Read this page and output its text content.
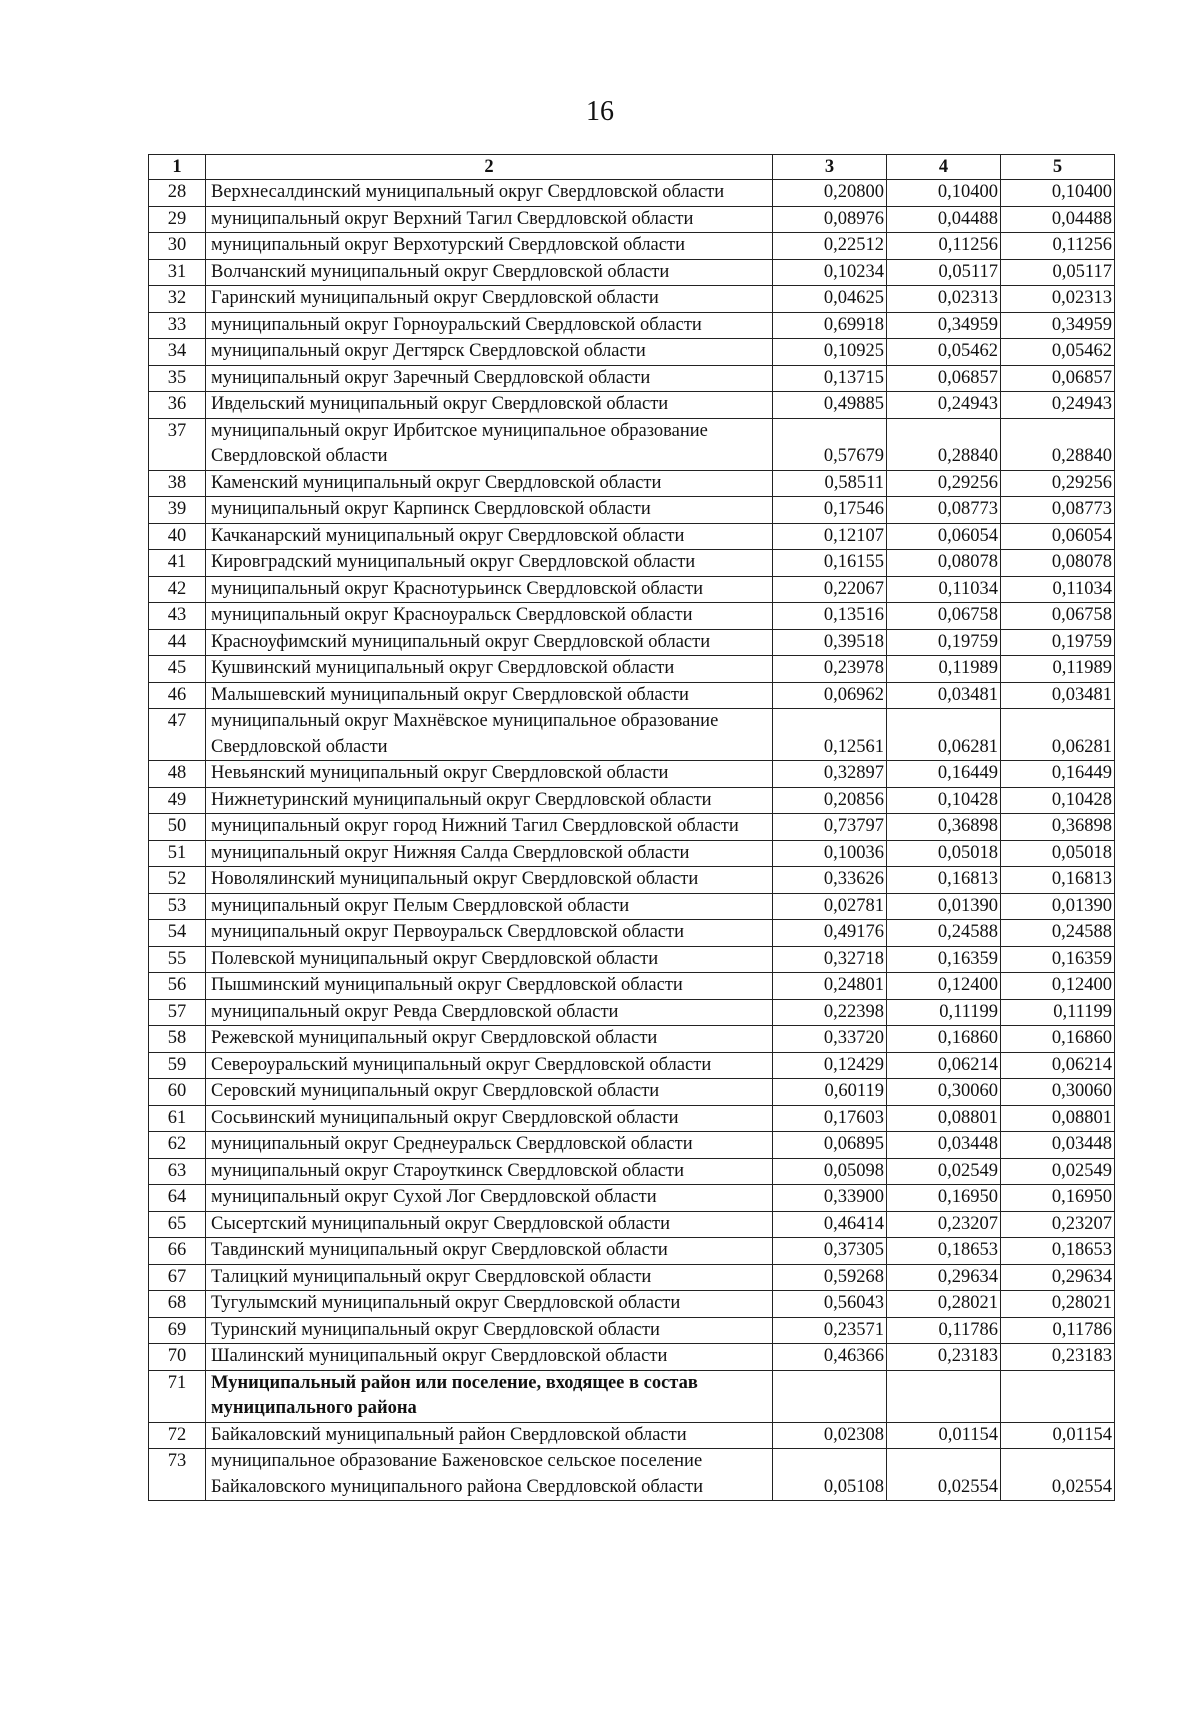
16
1	2	3	4	5
28	Верхнесалдинский муниципальный округ Свердловской области	0,20800	0,10400	0,10400
29	муниципальный округ Верхний Тагил Свердловской области	0,08976	0,04488	0,04488
30	муниципальный округ Верхотурский Свердловской области	0,22512	0,11256	0,11256
31	Волчанский муниципальный округ Свердловской области	0,10234	0,05117	0,05117
32	Гаринский муниципальный округ Свердловской области	0,04625	0,02313	0,02313
33	муниципальный округ Горноуральский Свердловской области	0,69918	0,34959	0,34959
34	муниципальный округ Дегтярск Свердловской области	0,10925	0,05462	0,05462
35	муниципальный округ Заречный Свердловской области	0,13715	0,06857	0,06857
36	Ивдельский муниципальный округ Свердловской области	0,49885	0,24943	0,24943
37	муниципальный округ Ирбитское муниципальное образование Свердловской области	0,57679	0,28840	0,28840
38	Каменский муниципальный округ Свердловской области	0,58511	0,29256	0,29256
39	муниципальный округ Карпинск Свердловской области	0,17546	0,08773	0,08773
40	Качканарский муниципальный округ Свердловской области	0,12107	0,06054	0,06054
41	Кировградский муниципальный округ Свердловской области	0,16155	0,08078	0,08078
42	муниципальный округ Краснотурьинск Свердловской области	0,22067	0,11034	0,11034
43	муниципальный округ Красноуральск Свердловской области	0,13516	0,06758	0,06758
44	Красноуфимский муниципальный округ Свердловской области	0,39518	0,19759	0,19759
45	Кушвинский муниципальный округ Свердловской области	0,23978	0,11989	0,11989
46	Малышевский муниципальный округ Свердловской области	0,06962	0,03481	0,03481
47	муниципальный округ Махнёвское муниципальное образование Свердловской области	0,12561	0,06281	0,06281
48	Невьянский муниципальный округ Свердловской области	0,32897	0,16449	0,16449
49	Нижнетуринский муниципальный округ Свердловской области	0,20856	0,10428	0,10428
50	муниципальный округ город Нижний Тагил Свердловской области	0,73797	0,36898	0,36898
51	муниципальный округ Нижняя Салда Свердловской области	0,10036	0,05018	0,05018
52	Новолялинский муниципальный округ Свердловской области	0,33626	0,16813	0,16813
53	муниципальный округ Пелым Свердловской области	0,02781	0,01390	0,01390
54	муниципальный округ Первоуральск Свердловской области	0,49176	0,24588	0,24588
55	Полевской муниципальный округ Свердловской области	0,32718	0,16359	0,16359
56	Пышминский муниципальный округ Свердловской области	0,24801	0,12400	0,12400
57	муниципальный округ Ревда Свердловской области	0,22398	0,11199	0,11199
58	Режевской муниципальный округ Свердловской области	0,33720	0,16860	0,16860
59	Североуральский муниципальный округ Свердловской области	0,12429	0,06214	0,06214
60	Серовский муниципальный округ Свердловской области	0,60119	0,30060	0,30060
61	Сосьвинский муниципальный округ Свердловской области	0,17603	0,08801	0,08801
62	муниципальный округ Среднеуральск Свердловской области	0,06895	0,03448	0,03448
63	муниципальный округ Староуткинск Свердловской области	0,05098	0,02549	0,02549
64	муниципальный округ Сухой Лог Свердловской области	0,33900	0,16950	0,16950
65	Сысертский муниципальный округ Свердловской области	0,46414	0,23207	0,23207
66	Тавдинский муниципальный округ Свердловской области	0,37305	0,18653	0,18653
67	Талицкий муниципальный округ Свердловской области	0,59268	0,29634	0,29634
68	Тугулымский муниципальный округ Свердловской области	0,56043	0,28021	0,28021
69	Туринский муниципальный округ Свердловской области	0,23571	0,11786	0,11786
70	Шалинский муниципальный округ Свердловской области	0,46366	0,23183	0,23183
71	Муниципальный район или поселение, входящее в состав муниципального района			
72	Байкаловский муниципальный район Свердловской области	0,02308	0,01154	0,01154
73	муниципальное образование Баженовское сельское поселение Байкаловского муниципального района Свердловской области	0,05108	0,02554	0,02554
